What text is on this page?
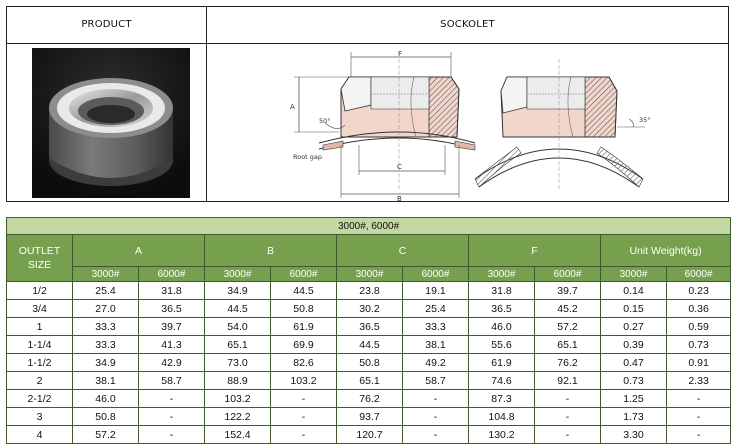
PRODUCT	SOCKOLET
F
A
50°
Root gap
C
B
35°
3000#, 6000#										
OUTLET SIZE	A		B		C		F		Unit Weight(kg)	
	3000#	6000#	3000#	6000#	3000#	6000#	3000#	6000#	3000#	6000#
1/2	25.4	31.8	34.9	44.5	23.8	19.1	31.8	39.7	0.14	0.23
3/4	27.0	36.5	44.5	50.8	30.2	25.4	36.5	45.2	0.15	0.36
1	33.3	39.7	54.0	61.9	36.5	33.3	46.0	57.2	0.27	0.59
1-1/4	33.3	41.3	65.1	69.9	44.5	38.1	55.6	65.1	0.39	0.73
1-1/2	34.9	42.9	73.0	82.6	50.8	49.2	61.9	76.2	0.47	0.91
2	38.1	58.7	88.9	103.2	65.1	58.7	74.6	92.1	0.73	2.33
2-1/2	46.0	-	103.2	-	76.2	-	87.3	-	1.25	-
3	50.8	-	122.2	-	93.7	-	104.8	-	1.73	-
4	57.2	-	152.4	-	120.7	-	130.2	-	3.30	-
